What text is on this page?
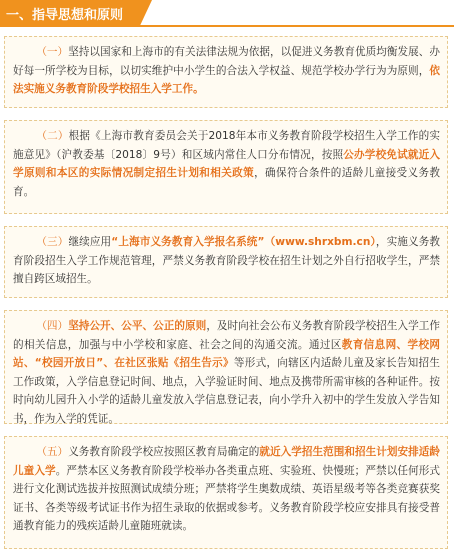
一、指导思想和原则
（一）坚持以国家和上海市的有关法律法规为依据，以促进义务教育优质均衡发展、办好每一所学校为目标，以切实维护中小学生的合法入学权益、规范学校办学行为为原则，依法实施义务教育阶段学校招生入学工作。
（二）根据《上海市教育委员会关于2018年本市义务教育阶段学校招生入学工作的实施意见》（沪教委基〔2018〕9号）和区域内常住人口分布情况，按照公办学校免试就近入学原则和本区的实际情况制定招生计划和相关政策，确保符合条件的适龄儿童接受义务教育。
（三）继续应用“上海市义务教育入学报名系统”（www.shrxbm.cn），实施义务教育阶段招生入学工作规范管理，严禁义务教育阶段学校在招生计划之外自行招收学生，严禁擅自跨区域招生。
（四）坚持公开、公平、公正的原则，及时向社会公布义务教育阶段学校招生入学工作的相关信息，加强与中小学校和家庭、社会之间的沟通交流。通过区教育信息网、学校网站、“校园开放日”、在社区张贴《招生告示》等形式，向辖区内适龄儿童及家长告知招生工作政策，入学信息登记时间、地点，入学验证时间、地点及携带所需审核的各种证件。按时向幼儿园升入小学的适龄儿童发放入学信息登记表，向小学升入初中的学生发放入学告知书，作为入学的凭证。
（五）义务教育阶段学校应按照区教育局确定的就近入学招生范围和招生计划安排适龄儿童入学。严禁本区义务教育阶段学校举办各类重点班、实验班、快慢班；严禁以任何形式进行文化测试选拔并按照测试成绩分班；严禁将学生奥数成绩、英语星级考等各类竞赛获奖证书、各类等级考试证书作为招生录取的依据或参考。义务教育阶段学校应安排具有接受普通教育能力的残疾适龄儿童随班就读。
